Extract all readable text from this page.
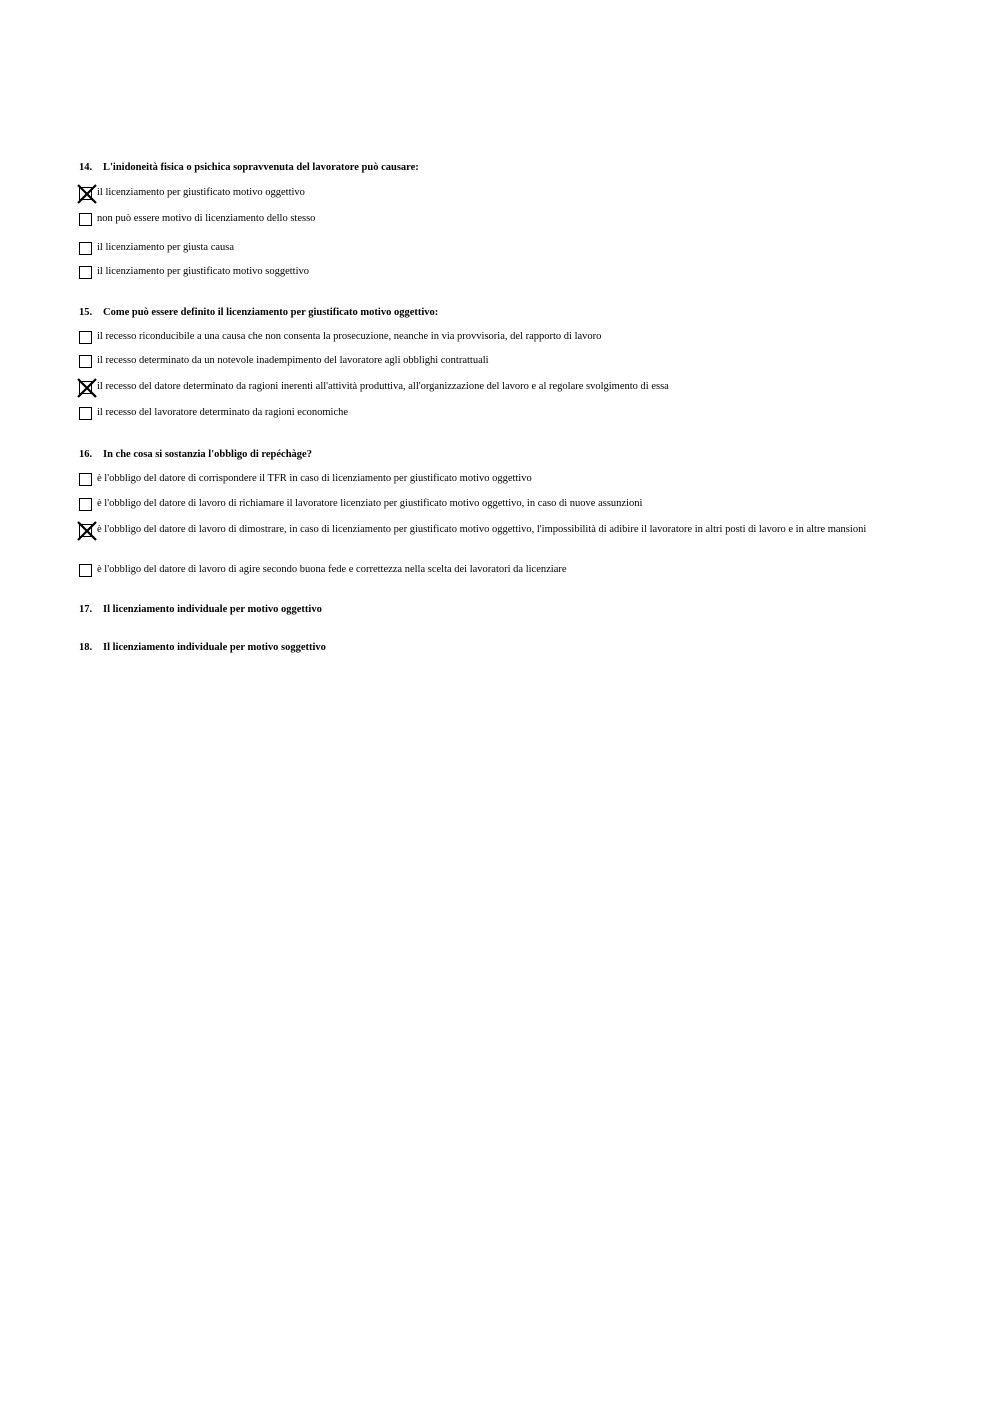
14. L'inidoneità fisica o psichica sopravvenuta del lavoratore può causare:
il licenziamento per giustificato motivo oggettivo
non può essere motivo di licenziamento dello stesso
il licenziamento per giusta causa
il licenziamento per giustificato motivo soggettivo
15. Come può essere definito il licenziamento per giustificato motivo oggettivo:
il recesso riconducibile a una causa che non consenta la prosecuzione, neanche in via provvisoria, del rapporto di lavoro
il recesso determinato da un notevole inadempimento del lavoratore agli obblighi contrattuali
il recesso del datore determinato da ragioni inerenti all'attività produttiva, all'organizzazione del lavoro e al regolare svolgimento di essa
il recesso del lavoratore determinato da ragioni economiche
16. In che cosa si sostanzia l'obbligo di repéchàge?
è l'obbligo del datore di corrispondere il TFR in caso di licenziamento per giustificato motivo oggettivo
è l'obbligo del datore di lavoro di richiamare il lavoratore licenziato per giustificato motivo oggettivo, in caso di nuove assunzioni
è l'obbligo del datore di lavoro di dimostrare, in caso di licenziamento per giustificato motivo oggettivo, l'impossibilità di adibire il lavoratore in altri posti di lavoro e in altre mansioni
è l'obbligo del datore di lavoro di agire secondo buona fede e correttezza nella scelta dei lavoratori da licenziare
17. Il licenziamento individuale per motivo oggettivo
18. Il licenziamento individuale per motivo soggettivo
